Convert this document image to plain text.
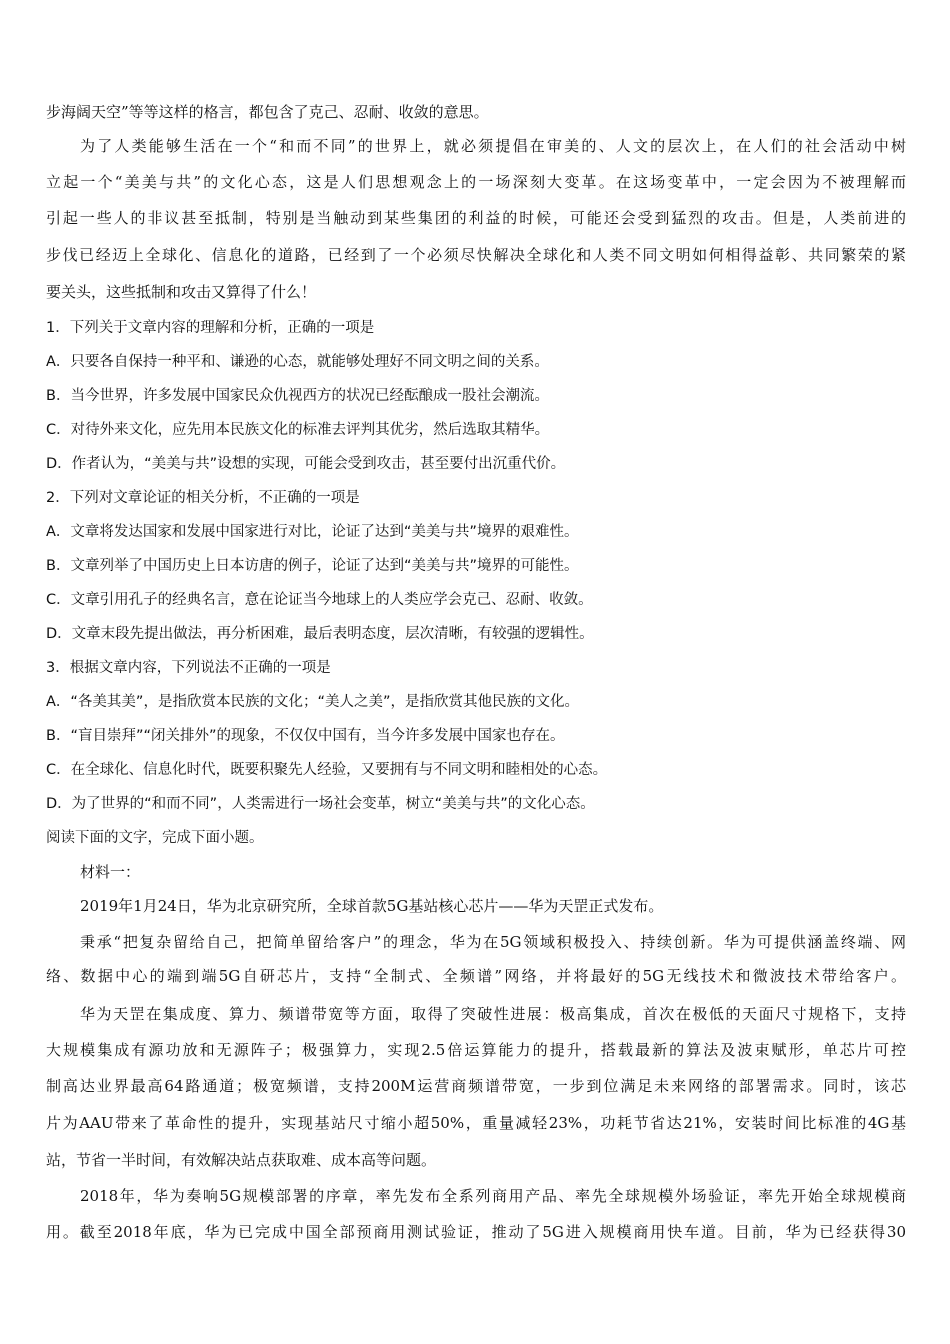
步海阔天空”等等这样的格言，都包含了克己、忍耐、收敛的意思。

为了人类能够生活在一个“和而不同”的世界上，就必须提倡在审美的、人文的层次上，在人们的社会活动中树

立起一个“美美与共”的文化心态，这是人们思想观念上的一场深刻大变革。在这场变革中，一定会因为不被理解而

引起一些人的非议甚至抵制，特别是当触动到某些集团的利益的时候，可能还会受到猛烈的攻击。但是，人类前进的

步伐已经迈上全球化、信息化的道路，已经到了一个必须尽快解决全球化和人类不同文明如何相得益彰、共同繁荣的紧

要关头，这些抵制和攻击又算得了什么！

1．下列关于文章内容的理解和分析，正确的一项是

A．只要各自保持一种平和、谦逊的心态，就能够处理好不同文明之间的关系。

B．当今世界，许多发展中国家民众仇视西方的状况已经酝酿成一股社会潮流。

C．对待外来文化，应先用本民族文化的标准去评判其优劣，然后选取其精华。

D．作者认为，“美美与共”设想的实现，可能会受到攻击，甚至要付出沉重代价。

2．下列对文章论证的相关分析，不正确的一项是

A．文章将发达国家和发展中国家进行对比，论证了达到“美美与共”境界的艰难性。

B．文章列举了中国历史上日本访唐的例子，论证了达到“美美与共”境界的可能性。

C．文章引用孔子的经典名言，意在论证当今地球上的人类应学会克己、忍耐、收敛。

D．文章末段先提出做法，再分析困难，最后表明态度，层次清晰，有较强的逻辑性。

3．根据文章内容，下列说法不正确的一项是

A．“各美其美”，是指欣赏本民族的文化；“美人之美”，是指欣赏其他民族的文化。

B．“盲目崇拜”“闭关排外”的现象，不仅仅中国有，当今许多发展中国家也存在。

C．在全球化、信息化时代，既要积聚先人经验，又要拥有与不同文明和睦相处的心态。

D．为了世界的“和而不同”，人类需进行一场社会变革，树立“美美与共”的文化心态。

阅读下面的文字，完成下面小题。

材料一：

2019年1月24日，华为北京研究所，全球首款5G基站核心芯片——华为天罡正式发布。

秉承“把复杂留给自己，把简单留给客户”的理念，华为在5G领域积极投入、持续创新。华为可提供涵盖终端、网

络、数据中心的端到端5G自研芯片，支持“全制式、全频谱”网络，并将最好的5G无线技术和微波技术带给客户。

华为天罡在集成度、算力、频谱带宽等方面，取得了突破性进展：极高集成，首次在极低的天面尺寸规格下，支持

大规模集成有源功放和无源阵子；极强算力，实现2.5倍运算能力的提升，搭载最新的算法及波束赋形，单芯片可控

制高达业界最高64路通道；极宽频谱，支持200M运营商频谱带宽，一步到位满足未来网络的部署需求。同时，该芯

片为AAU带来了革命性的提升，实现基站尺寸缩小超50%，重量减轻23%，功耗节省达21%，安装时间比标准的4G基

站，节省一半时间，有效解决站点获取难、成本高等问题。

2018年，华为奏响5G规模部署的序章，率先发布全系列商用产品、率先全球规模外场验证，率先开始全球规模商

用。截至2018年底，华为已完成中国全部预商用测试验证，推动了5G进入规模商用快车道。目前，华为已经获得30
